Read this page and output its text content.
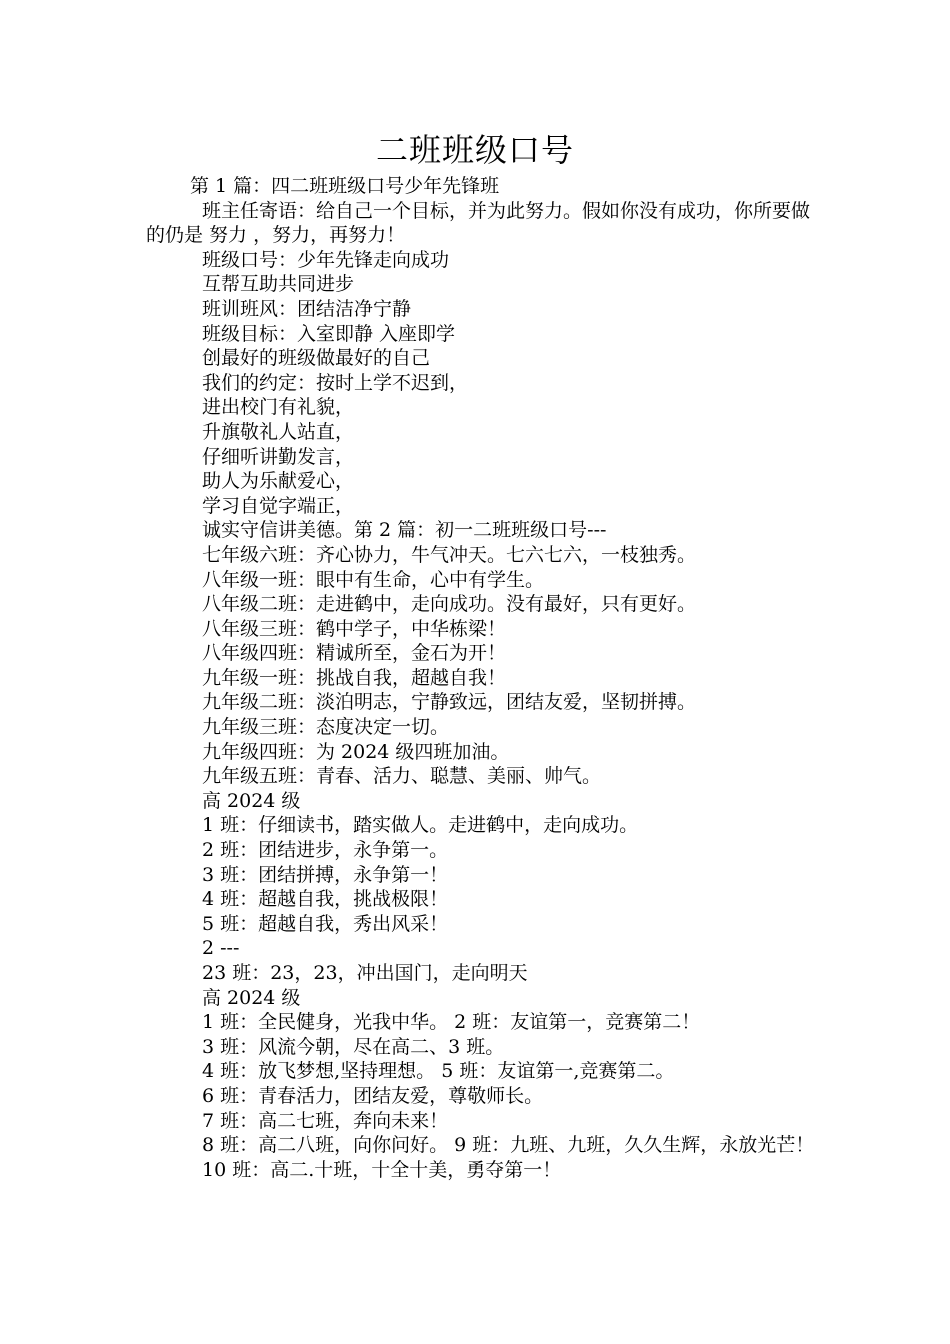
二班班级口号

第 1 篇：四二班班级口号少年先锋班

班主任寄语：给自己一个目标，并为此努力。假如你没有成功，你所要做的仍是 努力 ，努力，再努力！

班级口号：少年先锋走向成功

互帮互助共同进步

班训班风：团结洁净宁静

班级目标：入室即静 入座即学

创最好的班级做最好的自己

我们的约定：按时上学不迟到，

进出校门有礼貌，

升旗敬礼人站直，

仔细听讲勤发言，

助人为乐献爱心，

学习自觉字端正，

诚实守信讲美德。第 2 篇：初一二班班级口号---

七年级六班：齐心协力，牛气冲天。七六七六，一枝独秀。

八年级一班：眼中有生命，心中有学生。

八年级二班：走进鹤中，走向成功。没有最好，只有更好。

八年级三班：鹤中学子，中华栋梁！

八年级四班：精诚所至，金石为开！

九年级一班：挑战自我，超越自我！

九年级二班：淡泊明志，宁静致远，团结友爱，坚韧拼搏。

九年级三班：态度决定一切。

九年级四班：为 2024 级四班加油。

九年级五班：青春、活力、聪慧、美丽、帅气。

高 2024 级

1 班：仔细读书，踏实做人。走进鹤中，走向成功。

2 班：团结进步，永争第一。

3 班：团结拼搏，永争第一！

4 班：超越自我，挑战极限！

5 班：超越自我，秀出风采！

2 ---

23 班：23，23，冲出国门，走向明天

高 2024 级

1 班：全民健身，光我中华。 2 班：友谊第一，竞赛第二！

3 班：风流今朝，尽在高二、3 班。

4 班：放飞梦想,坚持理想。 5 班：友谊第一,竞赛第二。

6 班：青春活力，团结友爱，尊敬师长。

7 班：高二七班，奔向未来！

8 班：高二八班，向你问好。 9 班：九班、九班，久久生辉，永放光芒！

10 班：高二.十班，十全十美，勇夺第一！
